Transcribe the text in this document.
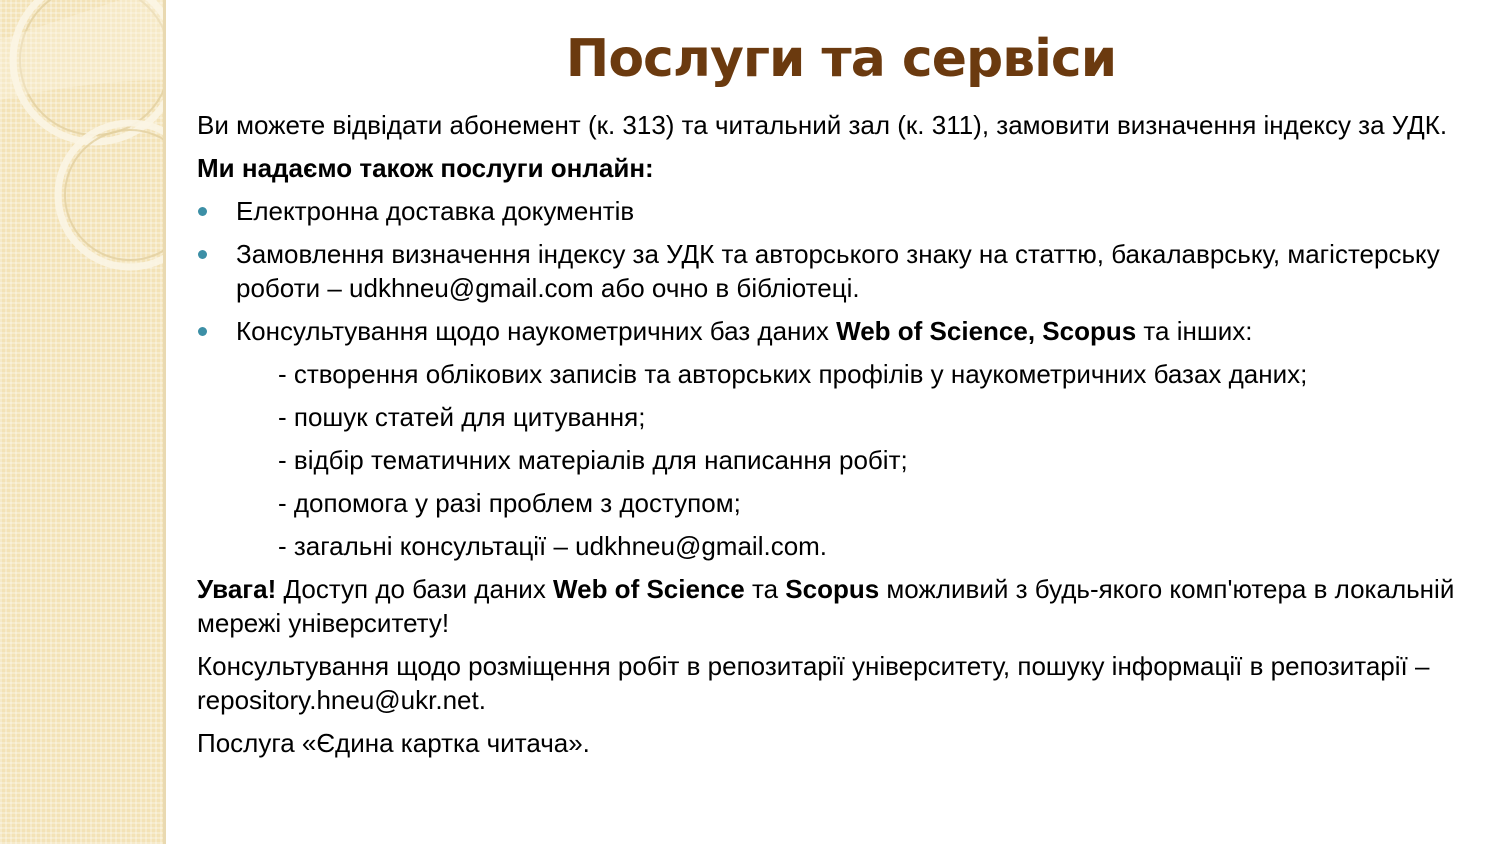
Послуги та сервіси

Ви можете відвідати абонемент (к. 313) та читальний зал (к. 311), замовити визначення індексу за УДК.

Ми надаємо також послуги онлайн:

Електронна доставка документів
Замовлення визначення індексу за УДК та авторського знаку на статтю, бакалаврську, магістерську роботи – udkhneu@gmail.com або очно в бібліотеці.
Консультування щодо наукометричних баз даних Web of Science, Scopus та інших:
- створення облікових записів та авторських профілів у наукометричних базах даних;
- пошук статей для цитування;
- відбір тематичних матеріалів для написання робіт;
- допомога у разі проблем з доступом;
- загальні консультації – udkhneu@gmail.com.

Увага! Доступ до бази даних Web of Science та Scopus можливий з будь-якого комп'ютера в локальній мережі університету!

Консультування щодо розміщення робіт в репозитарії університету, пошуку інформації в репозитарії – repository.hneu@ukr.net.

Послуга «Єдина картка читача».
